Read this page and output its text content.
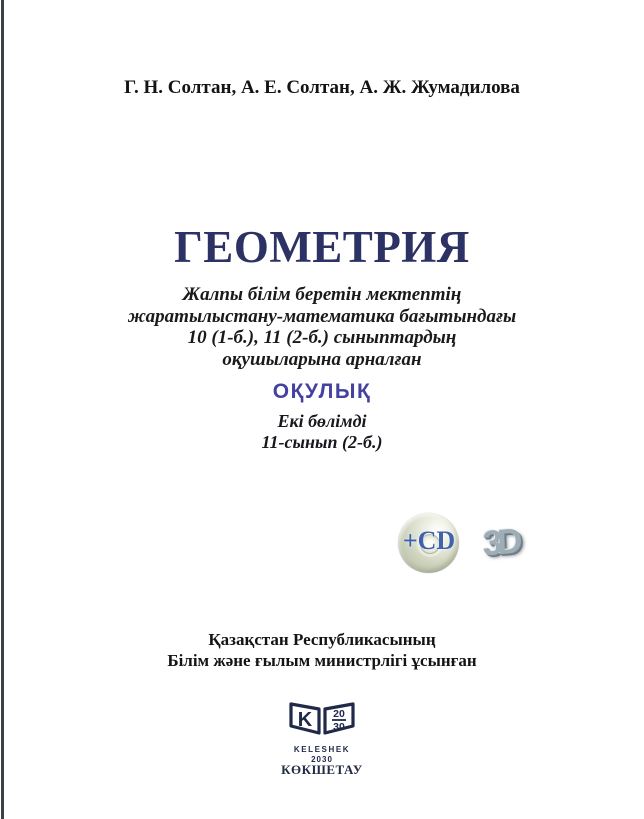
Г. Н. Солтан, А. Е. Солтан, А. Ж. Жумадилова
ГЕОМЕТРИЯ
Жалпы білім беретін мектептің
жаратылыстану-математика бағытындағы
10 (1-б.), 11 (2-б.) сыныптардың
оқушыларына арналған
ОҚУЛЫҚ
Екі бөлімді
11-сынып (2-б.)
+CD 3D
Қазақстан Республикасының
Білім және ғылым министрлігі ұсынған
K 20
30
KELESHEK
2030
КӨКШЕТАУ
